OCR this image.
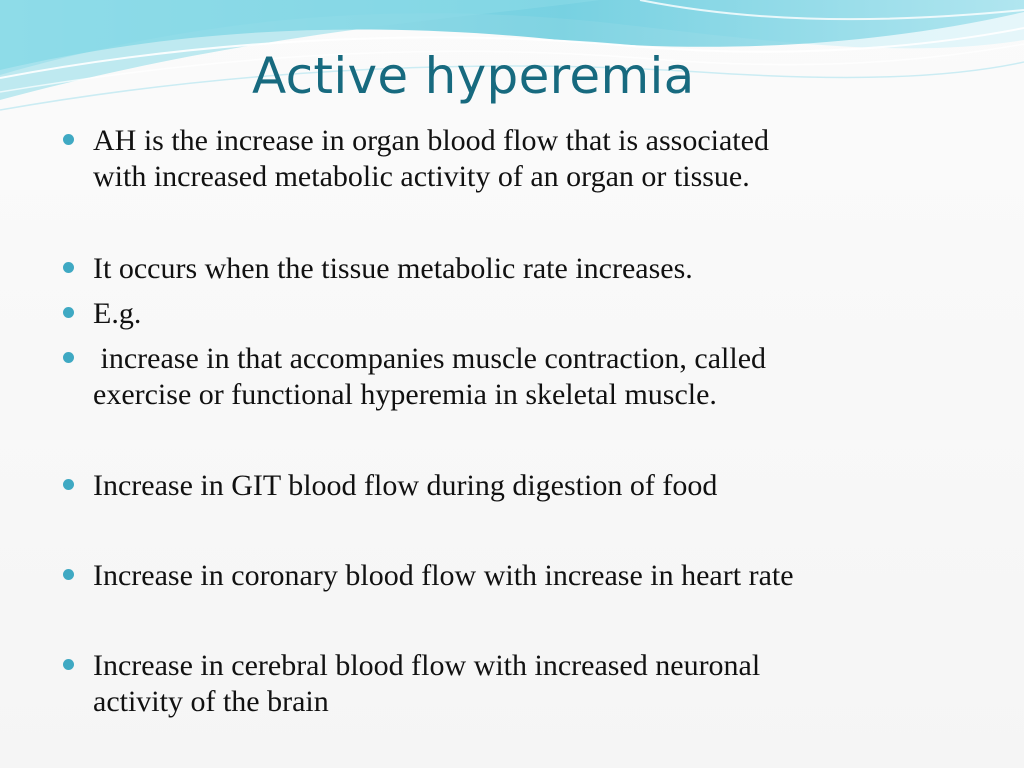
Active hyperemia
AH is the increase in organ blood flow that is associated
with increased metabolic activity of an organ or tissue.
It occurs when the tissue metabolic rate increases.
E.g.
increase in that accompanies muscle contraction, called
exercise or functional hyperemia in skeletal muscle.
Increase in GIT blood flow during digestion of food
Increase in coronary blood flow with increase in heart rate
Increase in cerebral blood flow with increased neuronal
activity of the brain
